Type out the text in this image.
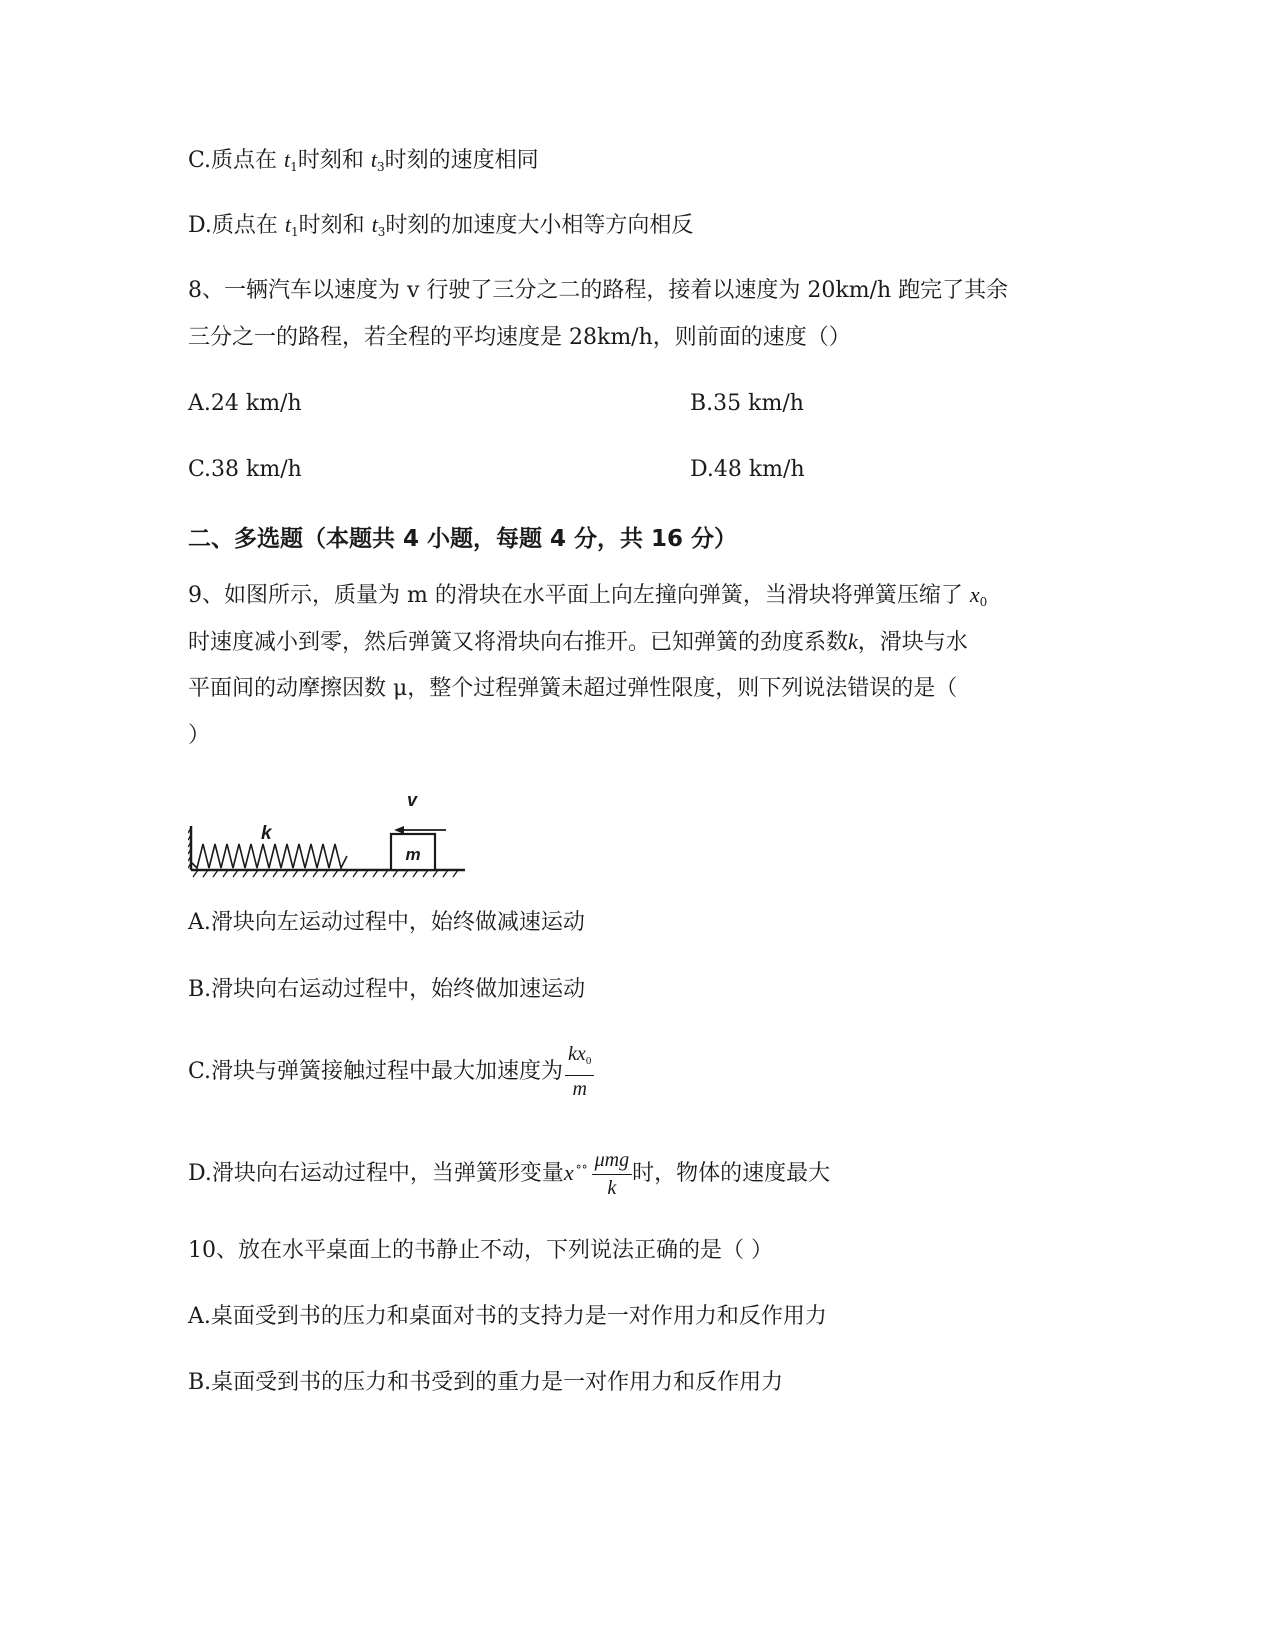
C.质点在 $t_1$时刻和 $t_3$时刻的速度相同
D.质点在 $t_1$时刻和 $t_3$时刻的加速度大小相等方向相反
8、一辆汽车以速度为 v 行驶了三分之二的路程，接着以速度为 20km/h 跑完了其余
三分之一的路程，若全程的平均速度是 28km/h，则前面的速度（）
A.24 km/h	B.35 km/h
C.38 km/h	D.48 km/h
二、多选题（本题共 4 小题，每题 4 分，共 16 分）
9、如图所示，质量为 m 的滑块在水平面上向左撞向弹簧，当滑块将弹簧压缩了 $x_0$
时速度减小到零，然后弹簧又将滑块向右推开。已知弹簧的劲度系数k，滑块与水
平面间的动摩擦因数 μ，整个过程弹簧未超过弹性限度，则下列说法错误的是（
）
k
m
v
A.滑块向左运动过程中，始终做减速运动
B.滑块向右运动过程中，始终做加速运动
C.滑块与弹簧接触过程中最大加速度为 $\frac{kx_0}{m}$
D.滑块向右运动过程中，当弹簧形变量x $^{^\circ^\circ} \frac{\text{μmg}}{k}$ 时，物体的速度最大
10、放在水平桌面上的书静止不动，下列说法正确的是（ ）
A.桌面受到书的压力和桌面对书的支持力是一对作用力和反作用力
B.桌面受到书的压力和书受到的重力是一对作用力和反作用力
